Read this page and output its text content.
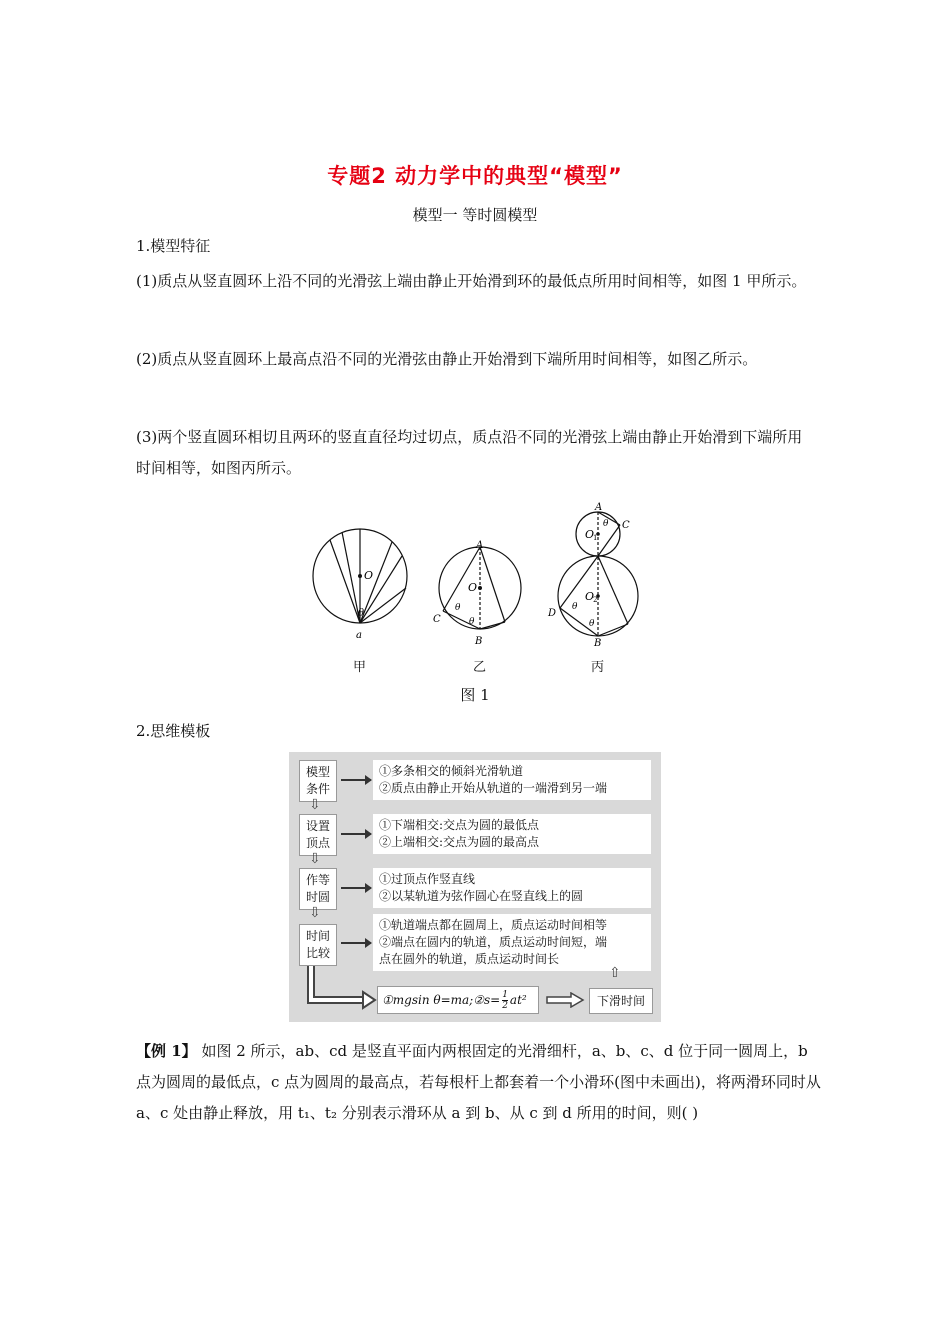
专题2 动力学中的典型“模型”
模型一 等时圆模型
1.模型特征
(1)质点从竖直圆环上沿不同的光滑弦上端由静止开始滑到环的最低点所用时间相等，如图 1 甲所示。
(2)质点从竖直圆环上最高点沿不同的光滑弦由静止开始滑到下端所用时间相等，如图乙所示。
(3)两个竖直圆环相切且两环的竖直直径均过切点，质点沿不同的光滑弦上端由静止开始滑到下端所用时间相等，如图丙所示。
O
θ
a
A
O
C
B
θ
θ
A
C
O
1
θ
O
2
D
θ
θ
B
甲	乙	丙
图 1
2.思维模板
模型
条件
①多条相交的倾斜光滑轨道
②质点由静止开始从轨道的一端滑到另一端
⇩
设置
顶点
①下端相交:交点为圆的最低点
②上端相交:交点为圆的最高点
⇩
作等
时圆
①过顶点作竖直线
②以某轨道为弦作圆心在竖直线上的圆
⇩
时间
比较
①轨道端点都在圆周上，质点运动时间相等
②端点在圆内的轨道，质点运动时间短，端
点在圆外的轨道，质点运动时间长
①mgsin θ=ma;②s= $\frac{1}{2} at^2$
⇧
下滑时间
【例 1】 如图 2 所示，ab、cd 是竖直平面内两根固定的光滑细杆，a、b、c、d 位于同一圆周上，b 点为圆周的最低点，c 点为圆周的最高点，若每根杆上都套着一个小滑环(图中未画出)，将两滑环同时从 a、c 处由静止释放，用 t₁、t₂ 分别表示滑环从 a 到 b、从 c 到 d 所用的时间，则( )
